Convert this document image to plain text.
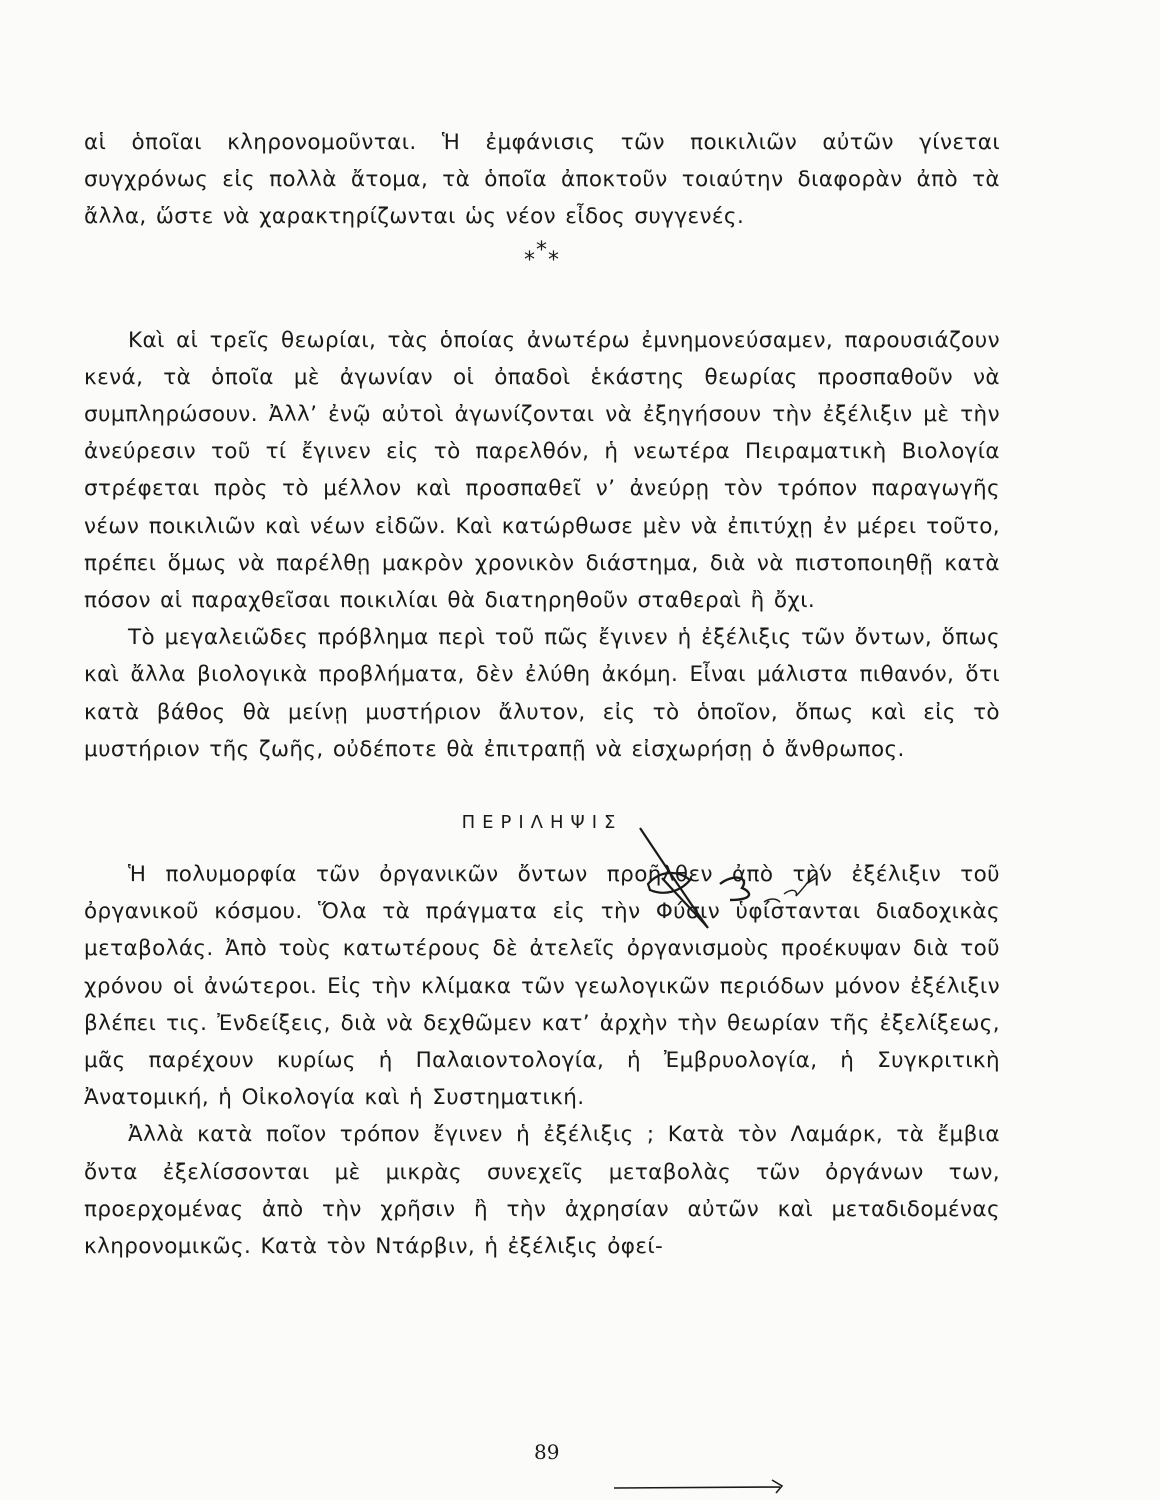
αἱ ὁποῖαι κληρονομοῦνται. Ἡ ἐμφάνισις τῶν ποικιλιῶν αὐτῶν γίνεται συγχρόνως εἰς πολλὰ ἄτομα, τὰ ὁποῖα ἀποκτοῦν τοιαύτην διαφορὰν ἀπὸ τὰ ἄλλα, ὥστε νὰ χαρακτηρίζωνται ὡς νέον εἶδος συγγενές.

***

Καὶ αἱ τρεῖς θεωρίαι, τὰς ὁποίας ἀνωτέρω ἐμνημονεύσαμεν, παρουσιάζουν κενά, τὰ ὁποῖα μὲ ἀγωνίαν οἱ ὀπαδοὶ ἑκάστης θεωρίας προσπαθοῦν νὰ συμπληρώσουν. Ἀλλ’ ἐνῷ αὐτοὶ ἀγωνίζονται νὰ ἐξηγήσουν τὴν ἐξέλιξιν μὲ τὴν ἀνεύρεσιν τοῦ τί ἔγινεν εἰς τὸ παρελθόν, ἡ νεωτέρα Πειραματικὴ Βιολογία στρέφεται πρὸς τὸ μέλλον καὶ προσπαθεῖ ν’ ἀνεύρῃ τὸν τρόπον παραγωγῆς νέων ποικιλιῶν καὶ νέων εἰδῶν. Καὶ κατώρθωσε μὲν νὰ ἐπιτύχῃ ἐν μέρει τοῦτο, πρέπει ὅμως νὰ παρέλθῃ μακρὸν χρονικὸν διάστημα, διὰ νὰ πιστοποιηθῇ κατὰ πόσον αἱ παραχθεῖσαι ποικιλίαι θὰ διατηρηθοῦν σταθεραὶ ἢ ὄχι.

Τὸ μεγαλειῶδες πρόβλημα περὶ τοῦ πῶς ἔγινεν ἡ ἐξέλιξις τῶν ὄντων, ὅπως καὶ ἄλλα βιολογικὰ προβλήματα, δὲν ἐλύθη ἀκόμη. Εἶναι μάλιστα πιθανόν, ὅτι κατὰ βάθος θὰ μείνῃ μυστήριον ἄλυτον, εἰς τὸ ὁποῖον, ὅπως καὶ εἰς τὸ μυστήριον τῆς ζωῆς, οὐδέποτε θὰ ἐπιτραπῇ νὰ εἰσχωρήσῃ ὁ ἄνθρωπος.

ΠΕΡΙΛΗΨΙΣ

Ἡ πολυμορφία τῶν ὀργανικῶν ὄντων προῆλθεν ἀπὸ τὴν ἐξέλιξιν τοῦ ὀργανικοῦ κόσμου. Ὅλα τὰ πράγματα εἰς τὴν Φύσιν ὑφίστανται διαδοχικὰς μεταβολάς. Ἀπὸ τοὺς κατωτέρους δὲ ἀτελεῖς ὀργανισμοὺς προέκυψαν διὰ τοῦ χρόνου οἱ ἀνώτεροι. Εἰς τὴν κλίμακα τῶν γεωλογικῶν περιόδων μόνον ἐξέλιξιν βλέπει τις. Ἐνδείξεις, διὰ νὰ δεχθῶμεν κατ’ ἀρχὴν τὴν θεωρίαν τῆς ἐξελίξεως, μᾶς παρέχουν κυρίως ἡ Παλαιοντολογία, ἡ Ἐμβρυολογία, ἡ Συγκριτικὴ Ἀνατομική, ἡ Οἰκολογία καὶ ἡ Συστηματική.

Ἀλλὰ κατὰ ποῖον τρόπον ἔγινεν ἡ ἐξέλιξις ; Κατὰ τὸν Λαμάρκ, τὰ ἔμβια ὄντα ἐξελίσσονται μὲ μικρὰς συνεχεῖς μεταβολὰς τῶν ὀργάνων των, προερχομένας ἀπὸ τὴν χρῆσιν ἢ τὴν ἀχρησίαν αὐτῶν καὶ μεταδιδομένας κληρονομικῶς. Κατὰ τὸν Ντάρβιν, ἡ ἐξέλιξις ὀφεί-

89
